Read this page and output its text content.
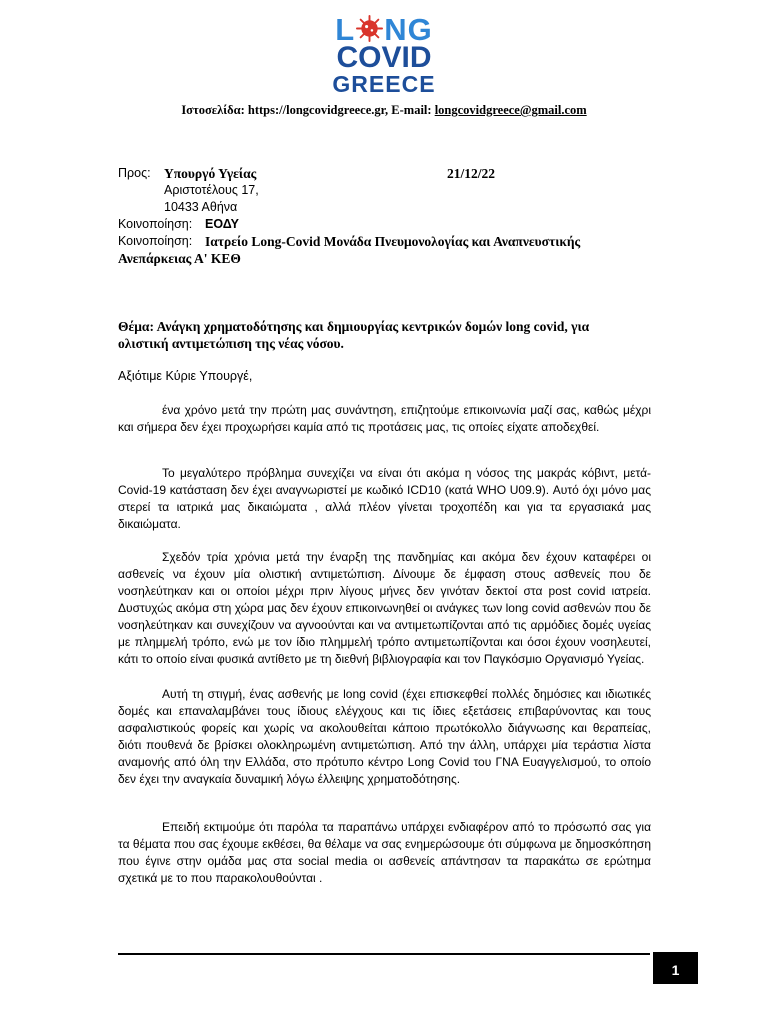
L NG
COVID
GREECE
Ιστοσελίδα: https://longcovidgreece.gr, E-mail: longcovidgreece@gmail.com
Προς: Υπουργό Υγείας	21/12/22
Αριστοτέλους 17,
10433 Αθήνα
Κοινοποίηση: ΕΟΔΥ
Κοινοποίηση: Ιατρείο Long-Covid Μονάδα Πνευμονολογίας και Αναπνευστικής
Ανεπάρκειας Α' ΚΕΘ
Θέμα: Ανάγκη χρηματοδότησης και δημιουργίας κεντρικών δομών long covid, για
ολιστική αντιμετώπιση της νέας νόσου.
Αξιότιμε Κύριε Υπουργέ,
ένα χρόνο μετά την πρώτη μας συνάντηση, επιζητούμε επικοινωνία μαζί σας, καθώς μέχρι και σήμερα δεν έχει προχωρήσει καμία από τις προτάσεις μας, τις οποίες είχατε αποδεχθεί.
Το μεγαλύτερο πρόβλημα συνεχίζει να είναι ότι ακόμα η νόσος της μακράς κόβιντ, μετά-Covid-19 κατάσταση δεν έχει αναγνωριστεί με κωδικό ICD10 (κατά WHO U09.9). Αυτό όχι μόνο μας στερεί τα ιατρικά μας δικαιώματα , αλλά πλέον γίνεται τροχοπέδη και για τα εργασιακά μας δικαιώματα.
Σχεδόν τρία χρόνια μετά την έναρξη της πανδημίας και ακόμα δεν έχουν καταφέρει οι ασθενείς να έχουν μία ολιστική αντιμετώπιση. Δίνουμε δε έμφαση στους ασθενείς που δε νοσηλεύτηκαν και οι οποίοι μέχρι πριν λίγους μήνες δεν γινόταν δεκτοί στα post covid ιατρεία. Δυστυχώς ακόμα στη χώρα μας δεν έχουν επικοινωνηθεί οι ανάγκες των long covid ασθενών που δε νοσηλεύτηκαν και συνεχίζουν να αγνοούνται και να αντιμετωπίζονται από τις αρμόδιες δομές υγείας με πλημμελή τρόπο, ενώ με τον ίδιο πλημμελή τρόπο αντιμετωπίζονται και όσοι έχουν νοσηλευτεί, κάτι το οποίο είναι φυσικά αντίθετο με τη διεθνή βιβλιογραφία και τον Παγκόσμιο Οργανισμό Υγείας.
Αυτή τη στιγμή, ένας ασθενής με long covid (έχει επισκεφθεί πολλές δημόσιες και ιδιωτικές δομές και επαναλαμβάνει τους ίδιους ελέγχους και τις ίδιες εξετάσεις επιβαρύνοντας και τους ασφαλιστικούς φορείς και χωρίς να ακολουθείται κάποιο πρωτόκολλο διάγνωσης και θεραπείας, διότι πουθενά δε βρίσκει ολοκληρωμένη αντιμετώπιση. Από την άλλη, υπάρχει μία τεράστια λίστα αναμονής από όλη την Ελλάδα, στο πρότυπο κέντρο Long Covid του ΓΝΑ Ευαγγελισμού, το οποίο δεν έχει την αναγκαία δυναμική λόγω έλλειψης χρηματοδότησης.
Επειδή εκτιμούμε ότι παρόλα τα παραπάνω υπάρχει ενδιαφέρον από το πρόσωπό σας για τα θέματα που σας έχουμε εκθέσει, θα θέλαμε να σας ενημερώσουμε ότι σύμφωνα με δημοσκόπηση που έγινε στην ομάδα μας στα social media οι ασθενείς απάντησαν τα παρακάτω σε ερώτημα σχετικά με το που παρακολουθούνται .
1
